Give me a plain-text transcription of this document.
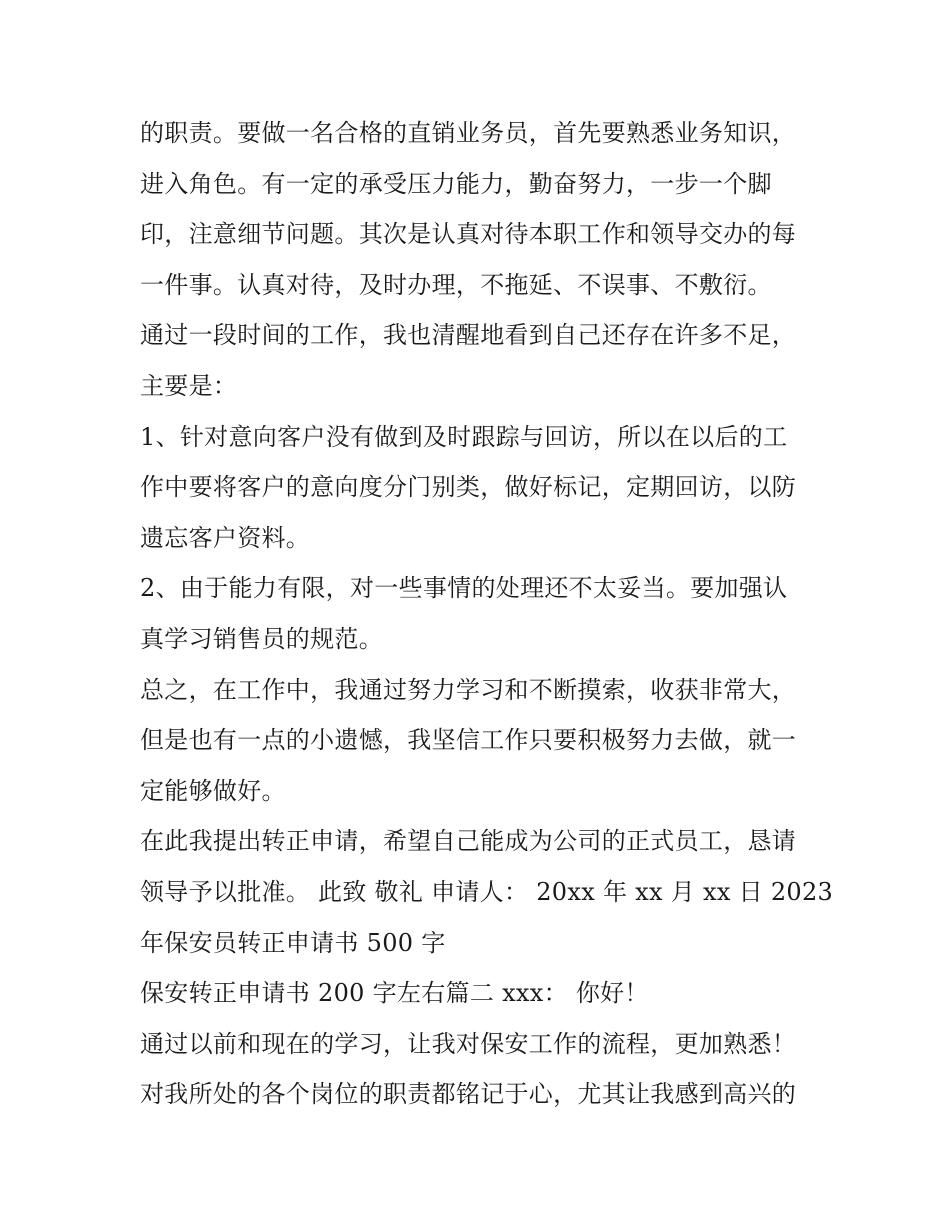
的职责。要做一名合格的直销业务员，首先要熟悉业务知识，
进入角色。有一定的承受压力能力，勤奋努力，一步一个脚
印，注意细节问题。其次是认真对待本职工作和领导交办的每
一件事。认真对待，及时办理，不拖延、不误事、不敷衍。
通过一段时间的工作，我也清醒地看到自己还存在许多不足，
主要是：
1、针对意向客户没有做到及时跟踪与回访，所以在以后的工
作中要将客户的意向度分门别类，做好标记，定期回访，以防
遗忘客户资料。
2、由于能力有限，对一些事情的处理还不太妥当。要加强认
真学习销售员的规范。
总之，在工作中，我通过努力学习和不断摸索，收获非常大，
但是也有一点的小遗憾，我坚信工作只要积极努力去做，就一
定能够做好。
在此我提出转正申请，希望自己能成为公司的正式员工，恳请
领导予以批准。 此致 敬礼 申请人： 20xx 年 xx 月 xx 日 2023
年保安员转正申请书 500 字
保安转正申请书 200 字左右篇二 xxx： 你好！
通过以前和现在的学习，让我对保安工作的流程，更加熟悉！
对我所处的各个岗位的职责都铭记于心，尤其让我感到高兴的
